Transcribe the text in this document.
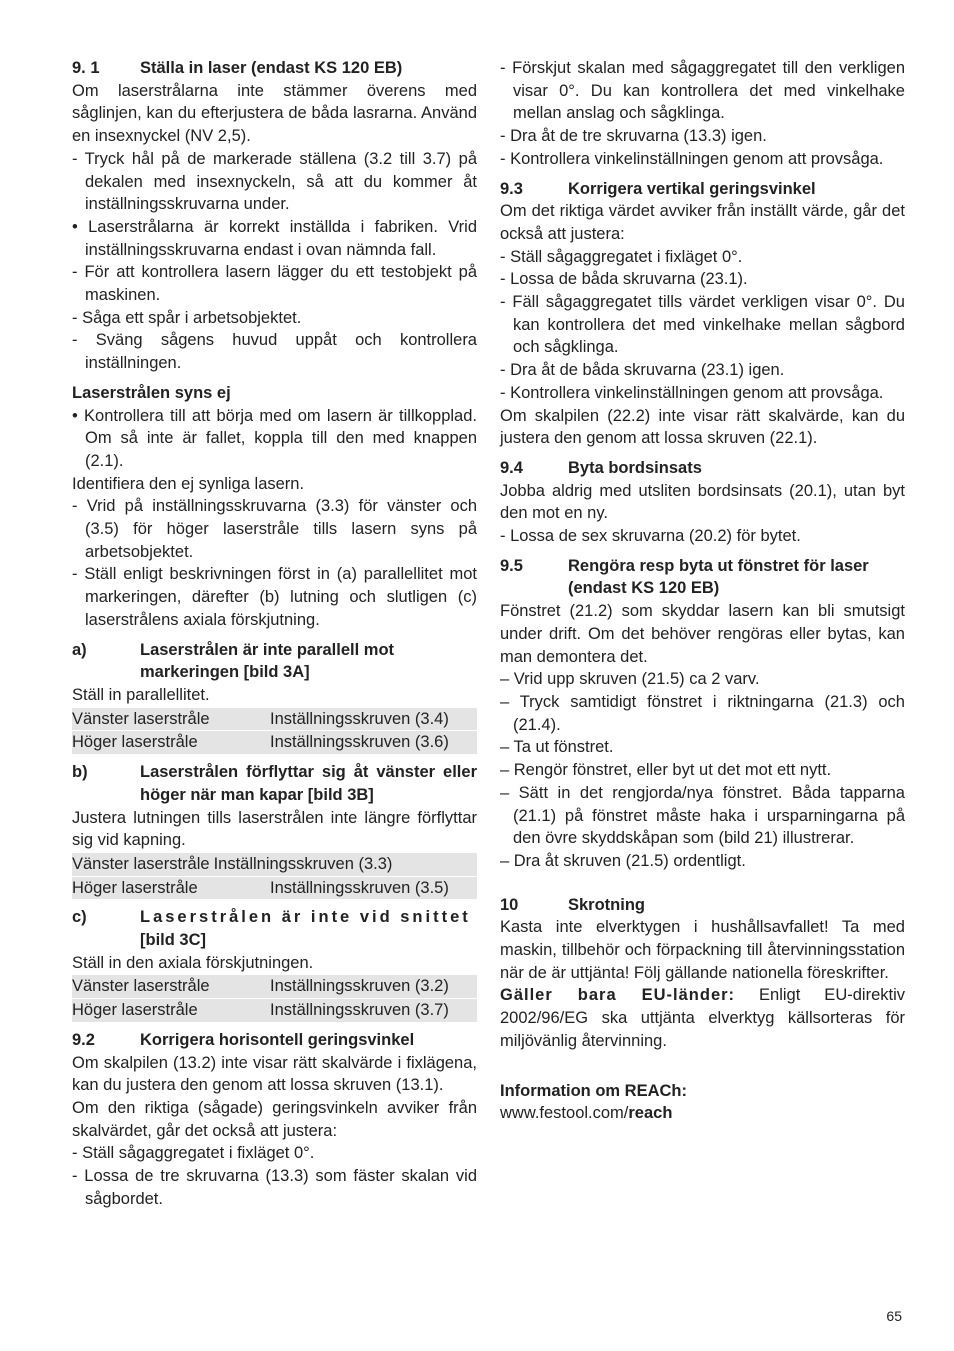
9. 1	Ställa in laser (endast KS 120 EB)

Om laserstrålarna inte stämmer överens med såglinjen, kan du efterjustera de båda lasrarna. Använd en insexnyckel (NV 2,5).

- Tryck hål på de markerade ställena (3.2 till 3.7) på dekalen med insexnyckeln, så att du kommer åt inställningsskruvarna under.
• Laserstrålarna är korrekt inställda i fabriken. Vrid inställningsskruvarna endast i ovan nämnda fall.
- För att kontrollera lasern lägger du ett testobjekt på maskinen.
- Såga ett spår i arbetsobjektet.
- Sväng sågens huvud uppåt och kontrollera inställningen.
Laserstrålen syns ej
• Kontrollera till att börja med om lasern är tillkopplad. Om så inte är fallet, koppla till den med knappen (2.1).

Identifiera den ej synliga lasern.

- Vrid på inställningsskruvarna (3.3) för vänster och (3.5) för höger laserstråle tills lasern syns på arbetsobjektet.
- Ställ enligt beskrivningen först in (a) parallellitet mot markeringen, därefter (b) lutning och slutligen (c) laserstrålens axiala förskjutning.
a)	Laserstrålen är inte parallell mot markeringen [bild 3A]

Ställ in parallellitet.

Vänster laserstråle	Inställningsskruven (3.4)
Höger laserstråle	Inställningsskruven (3.6)
b)	Laserstrålen förflyttar sig åt vänster eller höger när man kapar [bild 3B]

Justera lutningen tills laserstrålen inte längre förflyttar sig vid kapning.

Vänster laserstråle Inställningsskruven (3.3)
Höger laserstråle	Inställningsskruven (3.5)
c)	Laserstrålen är inte vid snittet
[bild 3C]

Ställ in den axiala förskjutningen.

Vänster laserstråle	Inställningsskruven (3.2)
Höger laserstråle	Inställningsskruven (3.7)
9.2	Korrigera horisontell geringsvinkel

Om skalpilen (13.2) inte visar rätt skalvärde i fixlägena, kan du justera den genom att lossa skruven (13.1).

Om den riktiga (sågade) geringsvinkeln avviker från skalvärdet, går det också att justera:

- Ställ sågaggregatet i fixläget 0°.
- Lossa de tre skruvarna (13.3) som fäster skalan vid sågbordet.
- Förskjut skalan med sågaggregatet till den verkligen visar 0°. Du kan kontrollera det med vinkelhake mellan anslag och sågklinga.
- Dra åt de tre skruvarna (13.3) igen.
- Kontrollera vinkelinställningen genom att provsåga.
9.3	Korrigera vertikal geringsvinkel

Om det riktiga värdet avviker från inställt värde, går det också att justera:

- Ställ sågaggregatet i fixläget 0°.
- Lossa de båda skruvarna (23.1).
- Fäll sågaggregatet tills värdet verkligen visar 0°. Du kan kontrollera det med vinkelhake mellan sågbord och sågklinga.
- Dra åt de båda skruvarna (23.1) igen.
- Kontrollera vinkelinställningen genom att provsåga.

Om skalpilen (22.2) inte visar rätt skalvärde, kan du justera den genom att lossa skruven (22.1).

9.4	Byta bordsinsats

Jobba aldrig med utsliten bordsinsats (20.1), utan byt den mot en ny.

- Lossa de sex skruvarna (20.2) för bytet.
9.5	Rengöra resp byta ut fönstret för laser (endast KS 120 EB)

Fönstret (21.2) som skyddar lasern kan bli smutsigt under drift. Om det behöver rengöras eller bytas, kan man demontera det.

– Vrid upp skruven (21.5) ca 2 varv.
– Tryck samtidigt fönstret i riktningarna (21.3) och (21.4).
– Ta ut fönstret.
– Rengör fönstret, eller byt ut det mot ett nytt.
– Sätt in det rengjorda/nya fönstret. Båda tapparna (21.1) på fönstret måste haka i ursparningarna på den övre skyddskåpan som (bild 21) illustrerar.
– Dra åt skruven (21.5) ordentligt.
10	Skrotning

Kasta inte elverktygen i hushållsavfallet! Ta med maskin, tillbehör och förpackning till återvinningsstation när de är uttjänta! Följ gällande nationella föreskrifter.

Gäller bara EU-länder: Enligt EU-direktiv 2002/96/EG ska uttjänta elverktyg källsorteras för miljövänlig återvinning.

Information om REACh:

www.festool.com/reach

65
